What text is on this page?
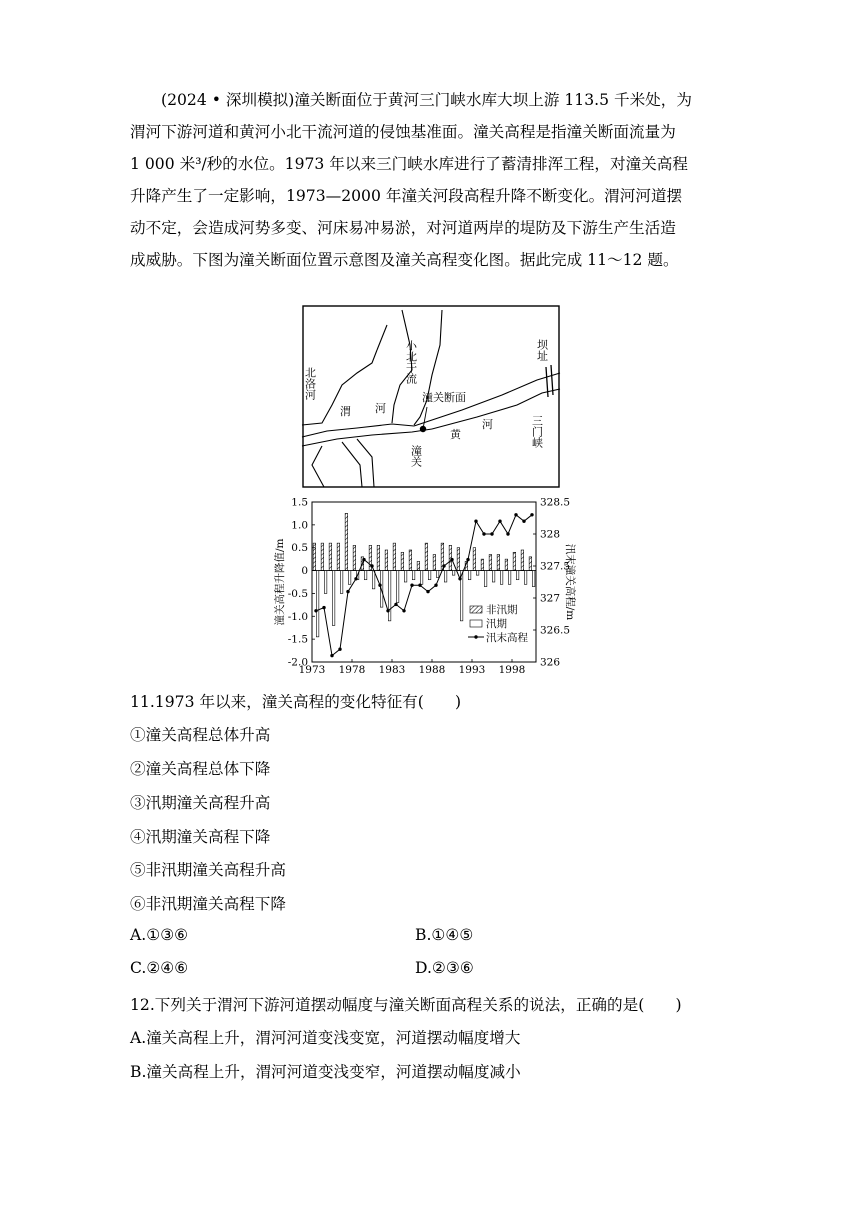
(2024 • 深圳模拟)潼关断面位于黄河三门峡水库大坝上游 113.5 千米处，为

渭河下游河道和黄河小北干流河道的侵蚀基准面。潼关高程是指潼关断面流量为

1 000 米³/秒的水位。1973 年以来三门峡水库进行了蓄清排浑工程，对潼关高程

升降产生了一定影响，1973—2000 年潼关河段高程升降不断变化。渭河河道摆

动不定，会造成河势多变、河床易冲易淤，对河道两岸的堤防及下游生产生活造

成威胁。下图为潼关断面位置示意图及潼关高程变化图。据此完成 11～12 题。

北洛河	小北干流	坝址
三门峡
渭 河
潼关断面
潼关
黄
河
1.5
1.0
0.5
0
-0.5
-1.0
-1.5
-2.0
328.5
328
327.5
327
326.5
326
1973 1978 1983 1988 1993 1998
潼关高程升降值/m	汛末潼关高程/m
非汛期
汛期
汛末高程
11.1973 年以来，潼关高程的变化特征有(　　)
①潼关高程总体升高
②潼关高程总体下降
③汛期潼关高程升高
④汛期潼关高程下降
⑤非汛期潼关高程升高
⑥非汛期潼关高程下降
A.①③⑥	B.①④⑤
C.②④⑥	D.②③⑥
12.下列关于渭河下游河道摆动幅度与潼关断面高程关系的说法，正确的是(　　)
A.潼关高程上升，渭河河道变浅变宽，河道摆动幅度增大
B.潼关高程上升，渭河河道变浅变窄，河道摆动幅度减小
